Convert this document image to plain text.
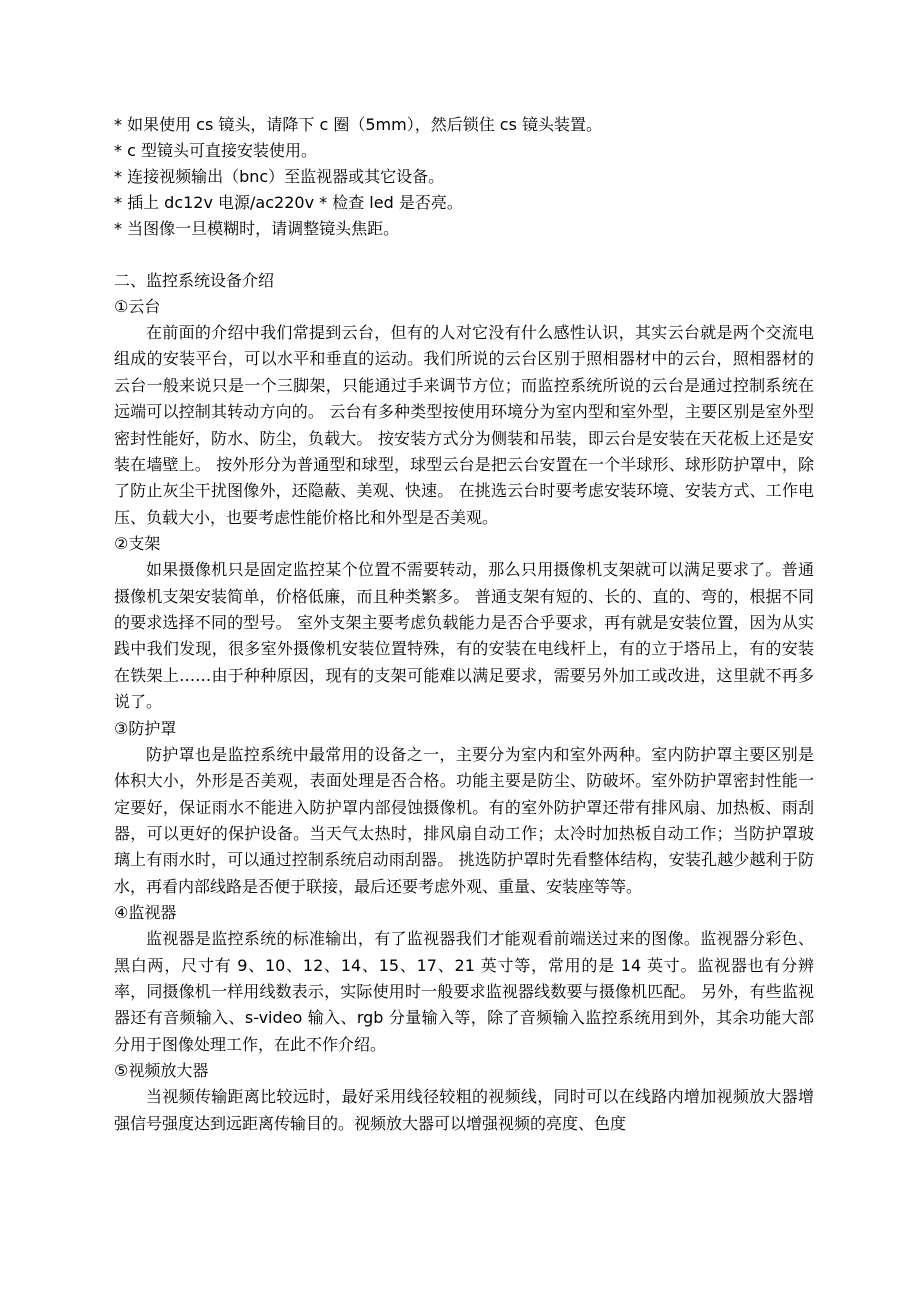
* 如果使用 cs 镜头，请降下 c 圈（5mm），然后锁住 cs 镜头装置。

* c 型镜头可直接安装使用。

* 连接视频输出（bnc）至监视器或其它设备。

* 插上 dc12v 电源/ac220v * 检查 led 是否亮。

* 当图像一旦模糊时，请调整镜头焦距。

二、监控系统设备介绍

①云台

在前面的介绍中我们常提到云台，但有的人对它没有什么感性认识，其实云台就是两个交流电组成的安装平台，可以水平和垂直的运动。我们所说的云台区别于照相器材中的云台，照相器材的云台一般来说只是一个三脚架，只能通过手来调节方位；而监控系统所说的云台是通过控制系统在远端可以控制其转动方向的。 云台有多种类型按使用环境分为室内型和室外型，主要区别是室外型密封性能好，防水、防尘，负载大。 按安装方式分为侧装和吊装，即云台是安装在天花板上还是安装在墙壁上。 按外形分为普通型和球型，球型云台是把云台安置在一个半球形、球形防护罩中，除了防止灰尘干扰图像外，还隐蔽、美观、快速。 在挑选云台时要考虑安装环境、安装方式、工作电压、负载大小，也要考虑性能价格比和外型是否美观。

②支架

如果摄像机只是固定监控某个位置不需要转动，那么只用摄像机支架就可以满足要求了。普通摄像机支架安装简单，价格低廉，而且种类繁多。 普通支架有短的、长的、直的、弯的，根据不同的要求选择不同的型号。 室外支架主要考虑负载能力是否合乎要求，再有就是安装位置，因为从实践中我们发现，很多室外摄像机安装位置特殊，有的安装在电线杆上，有的立于塔吊上，有的安装在铁架上……由于种种原因，现有的支架可能难以满足要求，需要另外加工或改进，这里就不再多说了。

③防护罩

防护罩也是监控系统中最常用的设备之一，主要分为室内和室外两种。室内防护罩主要区别是体积大小，外形是否美观，表面处理是否合格。功能主要是防尘、防破坏。室外防护罩密封性能一定要好，保证雨水不能进入防护罩内部侵蚀摄像机。有的室外防护罩还带有排风扇、加热板、雨刮器，可以更好的保护设备。当天气太热时，排风扇自动工作；太冷时加热板自动工作；当防护罩玻璃上有雨水时，可以通过控制系统启动雨刮器。 挑选防护罩时先看整体结构，安装孔越少越利于防水，再看内部线路是否便于联接，最后还要考虑外观、重量、安装座等等。

④监视器

监视器是监控系统的标准输出，有了监视器我们才能观看前端送过来的图像。监视器分彩色、黑白两，尺寸有 9、10、12、14、15、17、21 英寸等，常用的是 14 英寸。监视器也有分辨率，同摄像机一样用线数表示，实际使用时一般要求监视器线数要与摄像机匹配。 另外，有些监视器还有音频输入、s-video 输入、rgb 分量输入等，除了音频输入监控系统用到外，其余功能大部分用于图像处理工作，在此不作介绍。

⑤视频放大器

当视频传输距离比较远时，最好采用线径较粗的视频线，同时可以在线路内增加视频放大器增强信号强度达到远距离传输目的。视频放大器可以增强视频的亮度、色度
